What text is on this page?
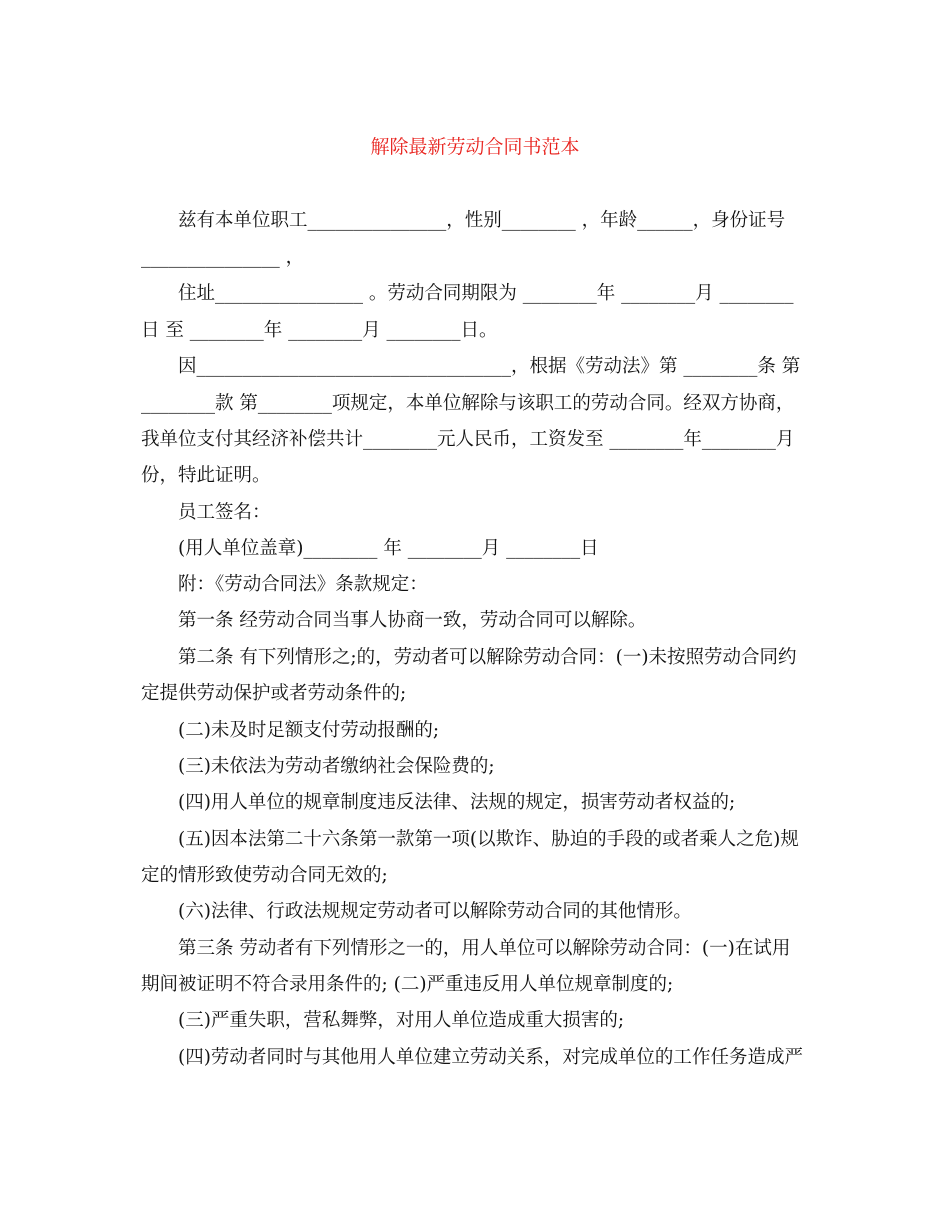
解除最新劳动合同书范本
兹有本单位职工_______________，性别________ ，年龄______，身份证号
_______________ ，
住址________________ 。劳动合同期限为 ________年 ________月 ________
日 至 ________年 ________月 ________日。
因__________________________________，根据《劳动法》第 ________条 第
________款 第________项规定，本单位解除与该职工的劳动合同。经双方协商，
我单位支付其经济补偿共计________元人民币，工资发至 ________年________月
份，特此证明。
员工签名：
(用人单位盖章)________ 年 ________月 ________日
附：《劳动合同法》条款规定：
第一条 经劳动合同当事人协商一致，劳动合同可以解除。
第二条 有下列情形之;的，劳动者可以解除劳动合同：(一)未按照劳动合同约
定提供劳动保护或者劳动条件的;
(二)未及时足额支付劳动报酬的;
(三)未依法为劳动者缴纳社会保险费的;
(四)用人单位的规章制度违反法律、法规的规定，损害劳动者权益的;
(五)因本法第二十六条第一款第一项(以欺诈、胁迫的手段的或者乘人之危)规
定的情形致使劳动合同无效的;
(六)法律、行政法规规定劳动者可以解除劳动合同的其他情形。
第三条 劳动者有下列情形之一的，用人单位可以解除劳动合同：(一)在试用
期间被证明不符合录用条件的; (二)严重违反用人单位规章制度的;
(三)严重失职，营私舞弊，对用人单位造成重大损害的;
(四)劳动者同时与其他用人单位建立劳动关系，对完成单位的工作任务造成严
